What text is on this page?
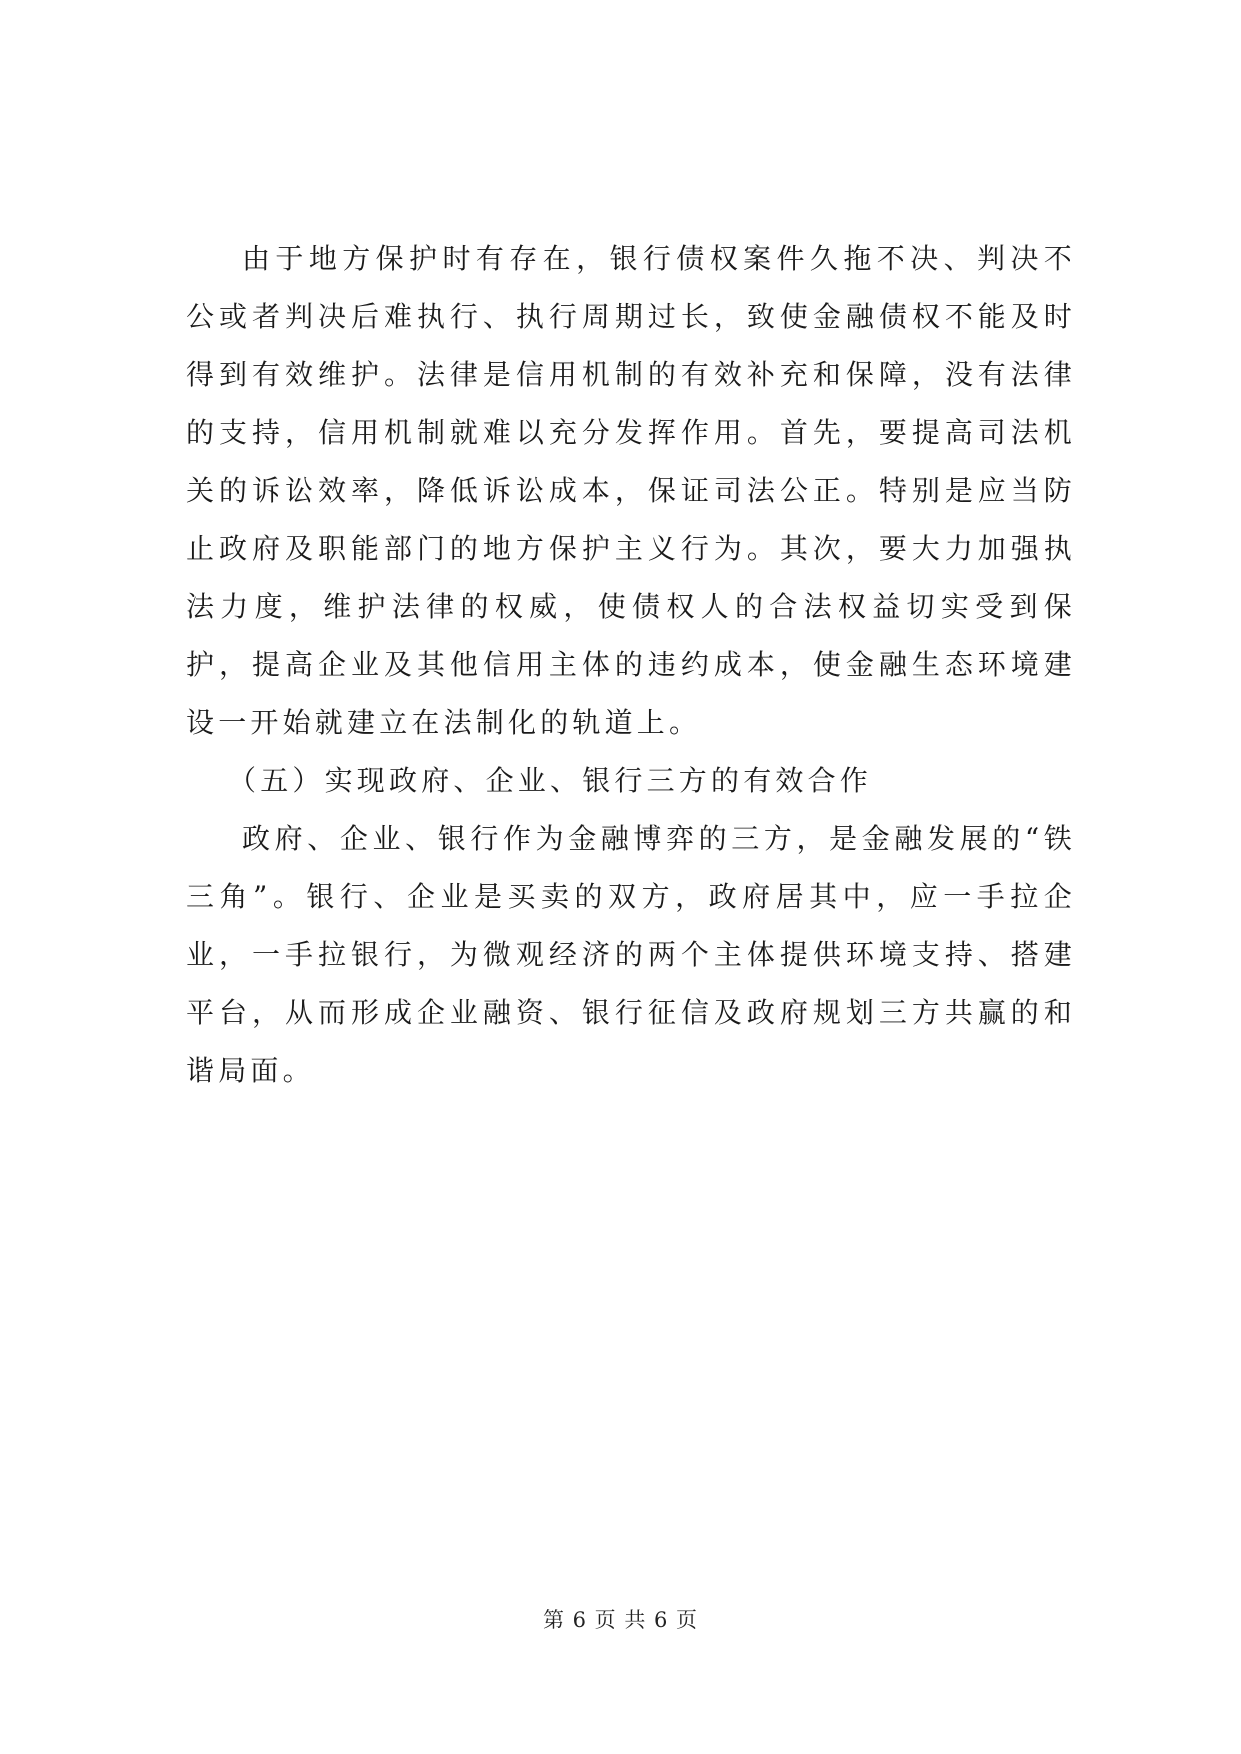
由于地方保护时有存在，银行债权案件久拖不决、判决不公或者判决后难执行、执行周期过长，致使金融债权不能及时得到有效维护。法律是信用机制的有效补充和保障，没有法律的支持，信用机制就难以充分发挥作用。首先，要提高司法机关的诉讼效率，降低诉讼成本，保证司法公正。特别是应当防止政府及职能部门的地方保护主义行为。其次，要大力加强执法力度，维护法律的权威，使债权人的合法权益切实受到保护，提高企业及其他信用主体的违约成本，使金融生态环境建设一开始就建立在法制化的轨道上。

（五）实现政府、企业、银行三方的有效合作

政府、企业、银行作为金融博弈的三方，是金融发展的“铁三角”。银行、企业是买卖的双方，政府居其中，应一手拉企业，一手拉银行，为微观经济的两个主体提供环境支持、搭建平台，从而形成企业融资、银行征信及政府规划三方共赢的和谐局面。

第 6 页 共 6 页
